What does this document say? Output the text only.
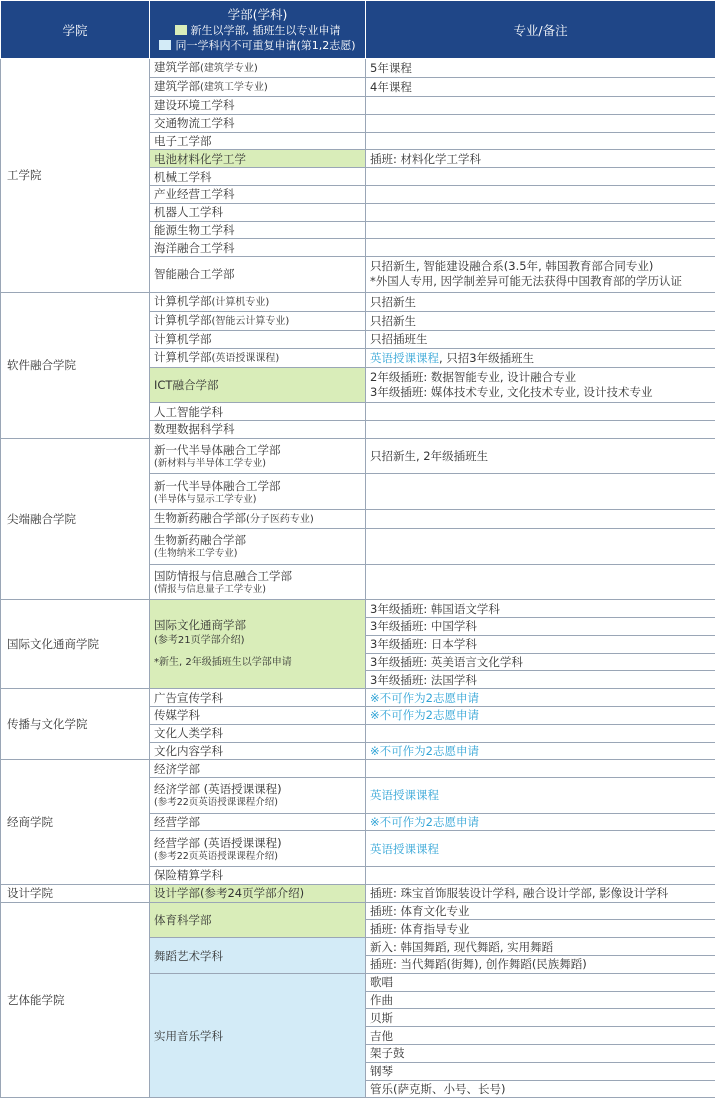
学院	学部(学科)
新生以学部, 插班生以专业申请
同一学科内不可重复申请(第1,2志愿)	专业/备注
工学院	建筑学部(建筑学专业)	5年课程
	建筑学部(建筑工学专业)	4年课程
	建设环境工学科	
	交通物流工学科	
	电子工学部	
	电池材料化学工学	插班: 材料化学工学科
	机械工学科	
	产业经营工学科	
	机器人工学科	
	能源生物工学科	
	海洋融合工学科	
	智能融合工学部	只招新生, 智能建设融合系(3.5年, 韩国教育部合同专业)
*外国人专用, 因学制差异可能无法获得中国教育部的学历认证

软件融合学院	计算机学部(计算机专业)	只招新生
	计算机学部(智能云计算专业)	只招新生
	计算机学部	只招插班生
	计算机学部(英语授课课程)	英语授课课程, 只招3年级插班生
	ICT融合学部	2年级插班: 数据智能专业, 设计融合专业
3年级插班: 媒体技术专业, 文化技术专业, 设计技术专业

	人工智能学科	
	数理数据科学科	
尖端融合学院	新一代半导体融合工学部
(新材料与半导体工学专业)	只招新生, 2年级插班生

	新一代半导体融合工学部
(半导体与显示工学专业)	

	生物新药融合学部(分子医药专业)	

	生物新药融合学部
(生物纳米工学专业)	

	国防情报与信息融合工学部
(情报与信息量子工学专业)	

国际文化通商学院	国际文化通商学部
(参考21页学部介绍)
*新生, 2年级插班生以学部申请	3年级插班: 韩国语文学科
		3年级插班: 中国学科
		3年级插班: 日本学科
		3年级插班: 英美语言文化学科
		3年级插班: 法国学科
传播与文化学院	广告宣传学科	※不可作为2志愿申请
	传媒学科	※不可作为2志愿申请
	文化人类学科	
	文化内容学科	※不可作为2志愿申请
经商学院	经济学部	

	经济学部 (英语授课课程)
(参考22页英语授课课程介绍)	英语授课课程
	经营学部	※不可作为2志愿申请

	经营学部 (英语授课课程)
(参考22页英语授课课程介绍)	英语授课课程
	保险精算学科	
设计学院	设计学部(参考24页学部介绍)	插班: 珠宝首饰服装设计学科, 融合设计学部, 影像设计学科
艺体能学院	体育科学部	插班: 体育文化专业
		插班: 体育指导专业
	舞蹈艺术学科	新入: 韩国舞蹈, 现代舞蹈, 实用舞蹈
		插班: 当代舞蹈(街舞), 创作舞蹈(民族舞蹈)
	实用音乐学科	歌唱
		作曲
		贝斯
		吉他
		架子鼓
		钢琴
		管乐(萨克斯、小号、长号)
